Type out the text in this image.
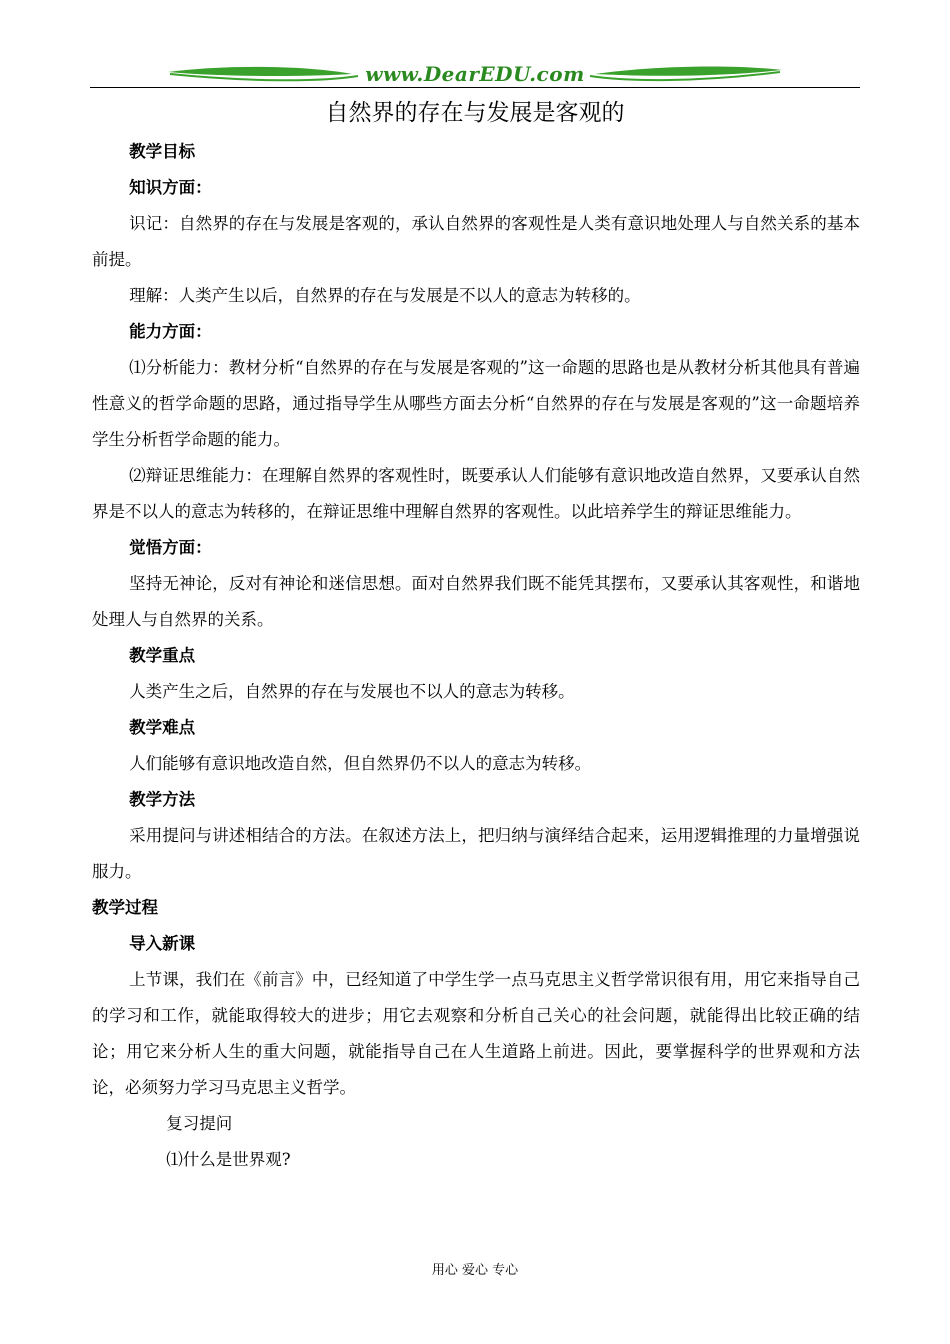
www.DearEDU.com
自然界的存在与发展是客观的

教学目标

知识方面：

识记：自然界的存在与发展是客观的，承认自然界的客观性是人类有意识地处理人与自然关系的基本前提。

理解：人类产生以后，自然界的存在与发展是不以人的意志为转移的。

能力方面：

⑴分析能力：教材分析“自然界的存在与发展是客观的”这一命题的思路也是从教材分析其他具有普遍性意义的哲学命题的思路，通过指导学生从哪些方面去分析“自然界的存在与发展是客观的”这一命题培养学生分析哲学命题的能力。

⑵辩证思维能力：在理解自然界的客观性时，既要承认人们能够有意识地改造自然界，又要承认自然界是不以人的意志为转移的，在辩证思维中理解自然界的客观性。以此培养学生的辩证思维能力。

觉悟方面：

坚持无神论，反对有神论和迷信思想。面对自然界我们既不能凭其摆布，又要承认其客观性，和谐地处理人与自然界的关系。

教学重点

人类产生之后，自然界的存在与发展也不以人的意志为转移。

教学难点

人们能够有意识地改造自然，但自然界仍不以人的意志为转移。

教学方法

采用提问与讲述相结合的方法。在叙述方法上，把归纳与演绎结合起来，运用逻辑推理的力量增强说服力。

教学过程

导入新课

上节课，我们在《前言》中，已经知道了中学生学一点马克思主义哲学常识很有用，用它来指导自己的学习和工作，就能取得较大的进步；用它去观察和分析自己关心的社会问题，就能得出比较正确的结论；用它来分析人生的重大问题，就能指导自己在人生道路上前进。因此，要掌握科学的世界观和方法论，必须努力学习马克思主义哲学。

复习提问

⑴什么是世界观?

用心 爱心 专心
